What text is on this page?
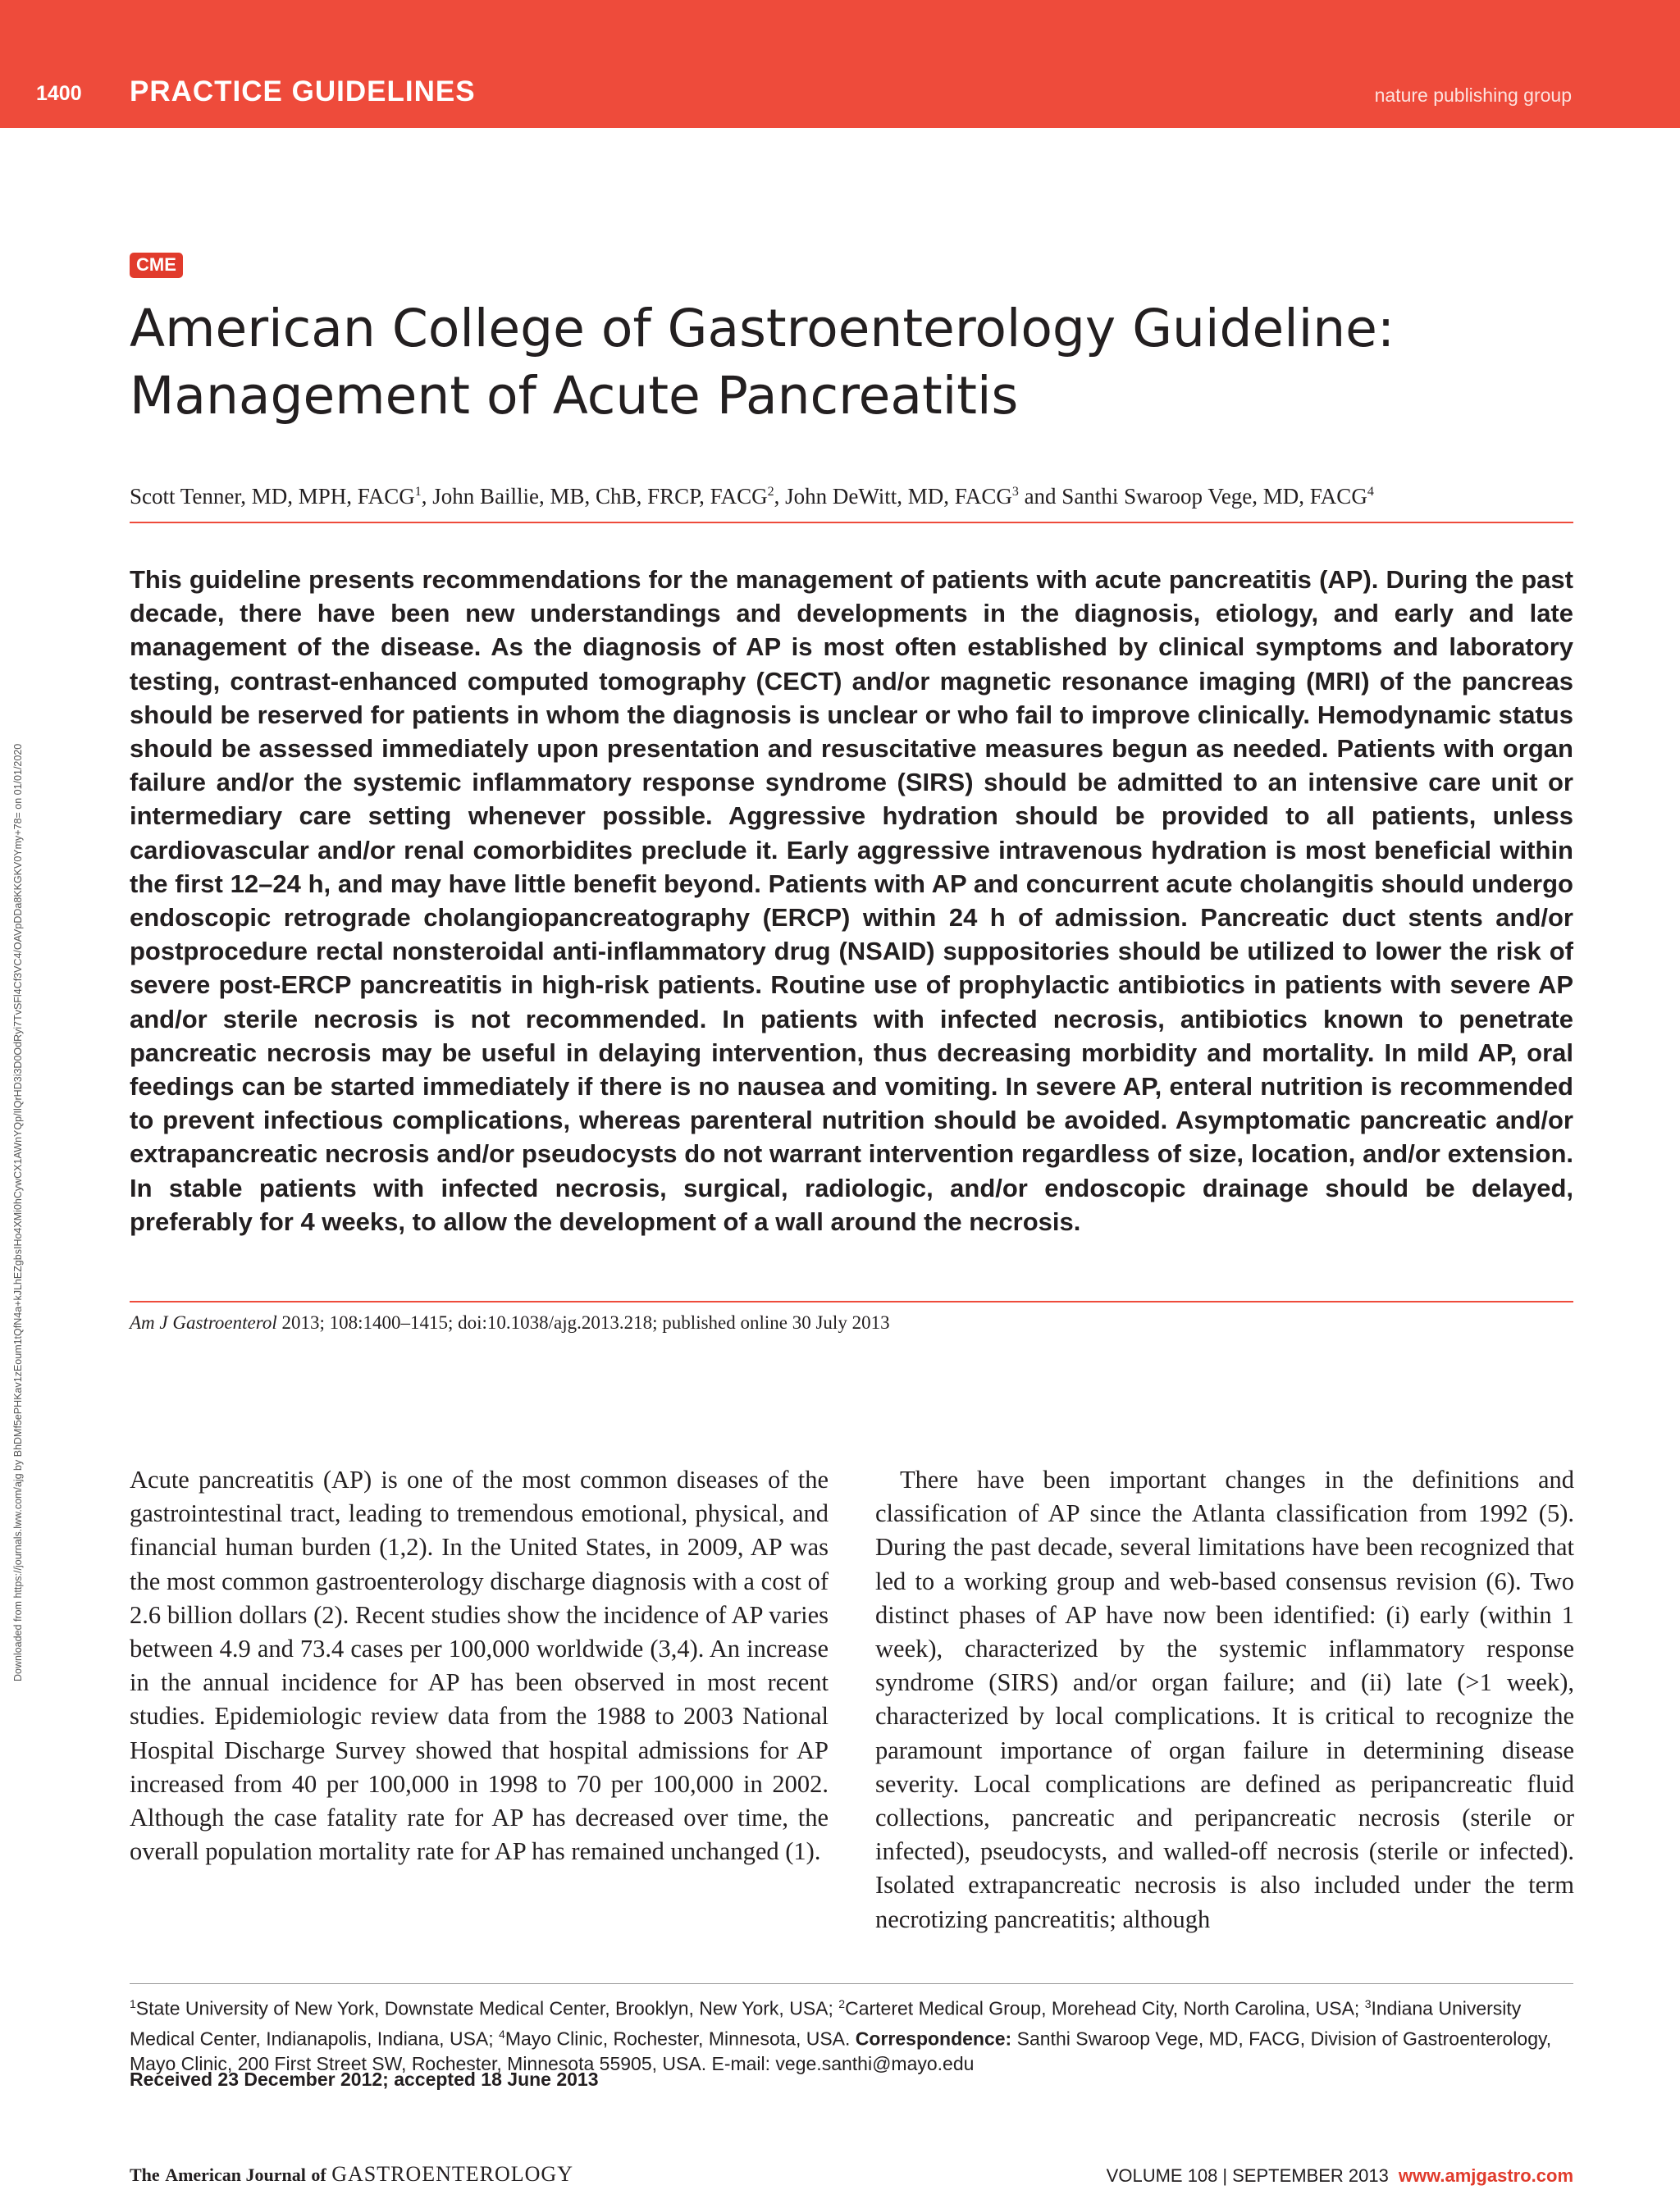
1400 PRACTICE GUIDELINES	nature publishing group
Downloaded from https://journals.lww.com/ajg by BhDMf5ePHKav1zEoum1tQfN4a+kJLhEZgbsIHo4XMi0hCywCX1AWnYQp/IlQrHD3i3D0OdRyi7TvSFl4Cf3VC4/OAVpDDa8KKGKV0Ymy+78= on 01/01/2020
CME
American College of Gastroenterology Guideline:
Management of Acute Pancreatitis
Scott Tenner, MD, MPH, FACG$^1$, John Baillie, MB, ChB, FRCP, FACG$^2$, John DeWitt, MD, FACG$^3$ and Santhi Swaroop Vege, MD, FACG$^4$

This guideline presents recommendations for the management of patients with acute pancreatitis (AP). During the past decade, there have been new understandings and developments in the diagnosis, etiology, and early and late management of the disease. As the diagnosis of AP is most often established by clinical symptoms and laboratory testing, contrast-enhanced computed tomography (CECT) and/or magnetic resonance imaging (MRI) of the pancreas should be reserved for patients in whom the diagnosis is unclear or who fail to improve clinically. Hemodynamic status should be assessed immediately upon presentation and resuscitative measures begun as needed. Patients with organ failure and/or the systemic inflammatory response syndrome (SIRS) should be admitted to an intensive care unit or intermediary care setting whenever possible. Aggressive hydration should be provided to all patients, unless cardiovascular and/or renal comorbidites preclude it. Early aggressive intravenous hydration is most beneficial within the first 12–24 h, and may have little benefit beyond. Patients with AP and concurrent acute cholangitis should undergo endoscopic retrograde cholangiopancreatography (ERCP) within 24 h of admission. Pancreatic duct stents and/or postprocedure rectal nonsteroidal anti-inflammatory drug (NSAID) suppositories should be utilized to lower the risk of severe post-ERCP pancreatitis in high-risk patients. Routine use of prophylactic antibiotics in patients with severe AP and/or sterile necrosis is not recommended. In patients with infected necrosis, antibiotics known to penetrate pancreatic necrosis may be useful in delaying intervention, thus decreasing morbidity and mortality. In mild AP, oral feedings can be started immediately if there is no nausea and vomiting. In severe AP, enteral nutrition is recommended to prevent infectious complications, whereas parenteral nutrition should be avoided. Asymptomatic pancreatic and/or extrapancreatic necrosis and/or pseudocysts do not warrant intervention regardless of size, location, and/or extension. In stable patients with infected necrosis, surgical, radiologic, and/or endoscopic drainage should be delayed, preferably for 4 weeks, to allow the development of a wall around the necrosis.

Am J Gastroenterol 2013; 108:1400–1415; doi:10.1038/ajg.2013.218; published online 30 July 2013

Acute pancreatitis (AP) is one of the most common diseases of the gastrointestinal tract, leading to tremendous emotional, physical, and financial human burden (1,2). In the United States, in 2009, AP was the most common gastroenterology discharge diagnosis with a cost of 2.6 billion dollars (2). Recent studies show the incidence of AP varies between 4.9 and 73.4 cases per 100,000 worldwide (3,4). An increase in the annual incidence for AP has been observed in most recent studies. Epidemiologic review data from the 1988 to 2003 National Hospital Discharge Survey showed that hospital admissions for AP increased from 40 per 100,000 in 1998 to 70 per 100,000 in 2002. Although the case fatality rate for AP has decreased over time, the overall population mortality rate for AP has remained unchanged (1).

There have been important changes in the definitions and classification of AP since the Atlanta classification from 1992 (5). During the past decade, several limitations have been recognized that led to a working group and web-based consensus revision (6). Two distinct phases of AP have now been identified: (i) early (within 1 week), characterized by the systemic inflammatory response syndrome (SIRS) and/or organ failure; and (ii) late (>1 week), characterized by local complications. It is critical to recognize the paramount importance of organ failure in determining disease severity. Local complications are defined as peripancreatic fluid collections, pancreatic and peripancreatic necrosis (sterile or infected), pseudocysts, and walled-off necrosis (sterile or infected). Isolated extrapancreatic necrosis is also included under the term necrotizing pancreatitis; although

$^1$State University of New York, Downstate Medical Center, Brooklyn, New York, USA; $^2$Carteret Medical Group, Morehead City, North Carolina, USA; $^3$Indiana University Medical Center, Indianapolis, Indiana, USA; $^4$Mayo Clinic, Rochester, Minnesota, USA. Correspondence: Santhi Swaroop Vege, MD, FACG, Division of Gastroenterology, Mayo Clinic, 200 First Street SW, Rochester, Minnesota 55905, USA. E-mail: vege.santhi@mayo.edu

Received 23 December 2012; accepted 18 June 2013
The American Journal of GASTROENTEROLOGY	VOLUME 108 | SEPTEMBER 2013 www.amjgastro.com
